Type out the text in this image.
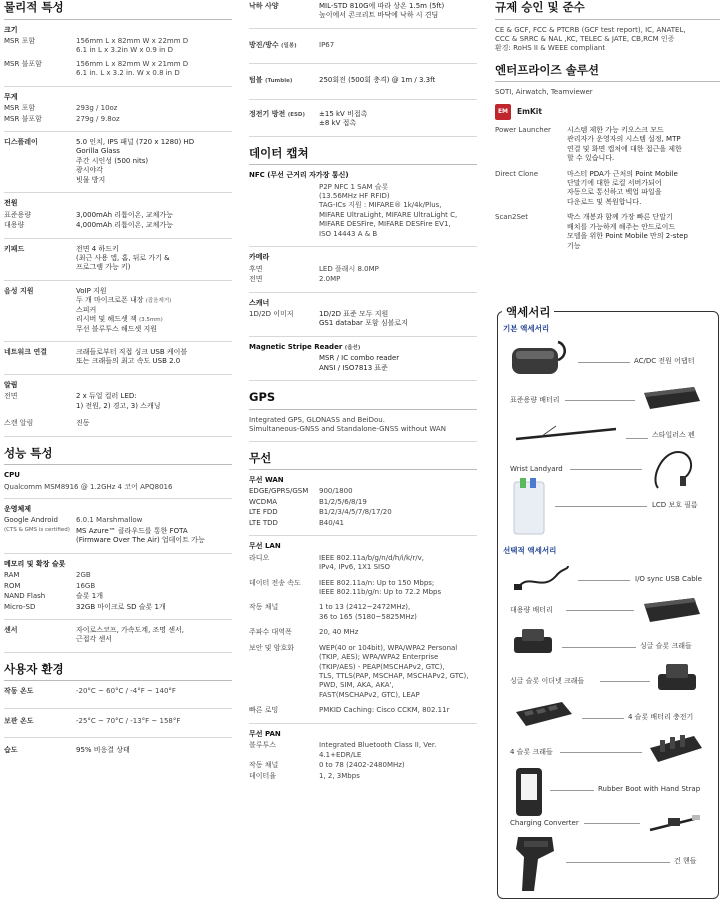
물리적 특성
크기
MSR 포함	156mm L x 82mm W x 22mm D
6.1 in L x 3.2in W x 0.9 in D
MSR 불포함	156mm L x 82mm W x 21mm D
6.1 in. L x 3.2 in. W x 0.8 in D
무게
MSR 포함	293g / 10oz
MSR 불포함	279g / 9.8oz
디스플레이	5.0 인치, IPS 패널 (720 x 1280) HD
Gorilla Glass
주간 시인성 (500 nits)
광시야각
빗물 방지
전원
표준용량	3,000mAh 리튬이온, 교체가능
대용량	4,000mAh 리튬이온, 교체가능
키패드	전면 4 하드키
(최근 사용 앱, 홈, 뒤로 가기 &
프로그램 가능 키)
음성 지원	VoIP 지원
두 개 마이크로폰 내장 (잡음제거)
스피커
리시버 및 헤드셋 잭 (3.5mm)
무선 블루투스 해드셋 지원
네트워크 연결	크래들로부터 직접 싱크 USB 케이블
또는 크래들의 최고 속도 USB 2.0
알림
전면	2 x 듀얼 컬러 LED:
1) 전원, 2) 경고, 3) 스캐닝
스캔 알림	진동
성능 특성
CPU
Qualcomm MSM8916 @ 1.2GHz 4 코어 APQ8016
운영체제
Google Android	6.0.1 Marshmallow
(CTS & GMS is certified) MS Azure™ 클라우드를 통한 FOTA
(Firmware Over The Air) 업데이트 가능
메모리 및 확장 슬롯
RAM	2GB
ROM	16GB
NAND Flash	슬롯 1개
Micro-SD	32GB 마이크로 SD 슬롯 1개
센서	자이로스코프, 가속도계, 조명 센서,
근접각 센서
사용자 환경
작동 온도	-20°C ~ 60°C / -4°F ~ 140°F
보관 온도	-25°C ~ 70°C / -13°F ~ 158°F
습도	95% 비응결 상태
낙하 사양	MIL-STD 810G에 따라 상온 1.5m (5ft)
높이에서 콘크리트 바닥에 낙하 시 견딤
방진/방수 (밀봉)	IP67
텀블 (Tumble)	250회전 (500회 충격) @ 1m / 3.3ft
정전기 방전 (ESD)	±15 kV 비접촉
±8 kV 접촉
데이터 캡쳐
NFC (무선 근거리 자가장 통신)
P2P NFC 1 SAM 슬롯
(13.56MHz HF RFID)
TAG-ICs 지원 : MIFARE® 1k/4k/Plus,
MIFARE UltraLight, MIFARE UltraLight C,
MIFARE DESFire, MIFARE DESFire EV1,
ISO 14443 A & B
카메라
후면	LED 플래시 8.0MP
전면	2.0MP
스캐너
1D/2D 이미저	1D/2D 표준 모두 지원
GS1 databar 포함 심볼로지
Magnetic Stripe Reader (옵션)
MSR / IC combo reader
ANSI / ISO7813 표준
GPS
Integrated GPS, GLONASS and BeiDou.
Simultaneous-GNSS and Standalone-GNSS without WAN
무선
무선 WAN
EDGE/GPRS/GSM	900/1800
WCDMA	B1/2/5/6/8/19
LTE FDD	B1/2/3/4/5/7/8/17/20
LTE TDD	B40/41
무선 LAN
라디오	IEEE 802.11a/b/g/n/d/h/i/k/r/v,
IPv4, IPv6, 1X1 SISO
데이터 전송 속도	IEEE 802.11a/n: Up to 150 Mbps;
IEEE 802.11b/g/n: Up to 72.2 Mbps
작동 채널	1 to 13 (2412~2472MHz),
36 to 165 (5180~5825MHz)
주파수 대역폭	20, 40 MHz
보안 및 암호화	WEP(40 or 104bit), WPA/WPA2 Personal
(TKIP, AES); WPA/WPA2 Enterprise
(TKIP/AES) - PEAP(MSCHAPv2, GTC),
TLS, TTLS(PAP, MSCHAP, MSCHAPv2, GTC),
PWD, SIM, AKA, AKA',
FAST(MSCHAPv2, GTC), LEAP
빠른 로밍	PMKID Caching: Cisco CCKM, 802.11r
무선 PAN
블루투스	Integrated Bluetooth Class II, Ver. 4.1+EDR/LE
작동 채널	0 to 78 (2402-2480MHz)
데이터율	1, 2, 3Mbps
규제 승인 및 준수
CE & GCF, FCC & PTCRB (GCF test report), IC, ANATEL,
CCC & SRRC & NAL ,KC, TELEC & JATE, CB,RCM 인증
환경: RoHS II & WEEE compliant
엔터프라이즈 솔루션
SOTI, Airwatch, Teamviewer
EM	EmKit
Power Launcher	시스템 제한 가능 키오스크 모드
관리자가 운영자의 시스템 설정, MTP
연결 및 화면 캡처에 대한 접근을 제한
할 수 있습니다.
Direct Clone	마스터 PDA가 근처의 Point Mobile
단말기에 대한 로컬 서버가되어
자동으로 통신하고 백업 파일을
다운로드 및 복원합니다.
Scan2Set	박스 개봉과 함께 가장 빠른 단말기
배치를 가능하게 해주는 안드로이드
모델을 위한 Point Mobile 만의 2-step
기능
액세서리
기본 액세서리
AC/DC 전원 어댑터
표준용량 배터리
스타일러스 펜
Wrist Landyard
LCD 보호 필름
선택적 액세서리
I/O sync USB Cable
대용량 배터리
싱글 슬롯 크래들
싱글 슬롯 이더넷 크래들
4 슬롯 배터리 충전기
4 슬롯 크래들
Rubber Boot with Hand Strap
Charging Converter
건 핸들
